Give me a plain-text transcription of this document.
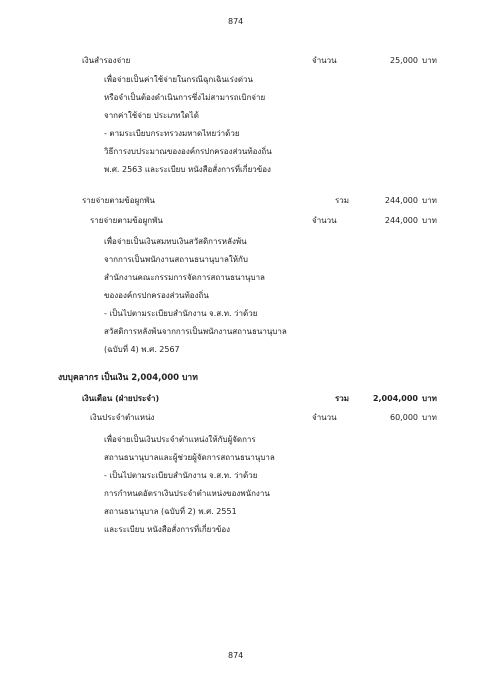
874
874
เงินสำรองจ่าย	จำนวน	25,000 บาท
เพื่อจ่ายเป็นค่าใช้จ่ายในกรณีฉุกเฉินเร่งด่วน
หรือจำเป็นต้องดำเนินการซึ่งไม่สามารถเบิกจ่าย
จากค่าใช้จ่าย ประเภทใดได้
- ตามระเบียบกระทรวงมหาดไทยว่าด้วย
วิธีการงบประมาณขององค์กรปกครองส่วนท้องถิ่น
พ.ศ. 2563 และระเบียบ หนังสือสั่งการที่เกี่ยวข้อง
รายจ่ายตามข้อผูกพัน	รวม	244,000 บาท
รายจ่ายตามข้อผูกพัน	จำนวน	244,000 บาท
เพื่อจ่ายเป็นเงินสมทบเงินสวัสดิการหลังพ้น
จากการเป็นพนักงานสถานธนานุบาลให้กับ
สำนักงานคณะกรรมการจัดการสถานธนานุบาล
ขององค์กรปกครองส่วนท้องถิ่น
- เป็นไปตามระเบียบสำนักงาน จ.ส.ท. ว่าด้วย
สวัสดิการหลังพ้นจากการเป็นพนักงานสถานธนานุบาล
(ฉบับที่ 4) พ.ศ. 2567
งบบุคลากร เป็นเงิน 2,004,000 บาท
เงินเดือน (ฝ่ายประจำ)	รวม	2,004,000 บาท
เงินประจำตำแหน่ง	จำนวน	60,000 บาท
เพื่อจ่ายเป็นเงินประจำตำแหน่งให้กับผู้จัดการ
สถานธนานุบาลและผู้ช่วยผู้จัดการสถานธนานุบาล
- เป็นไปตามระเบียบสำนักงาน จ.ส.ท. ว่าด้วย
การกำหนดอัตราเงินประจำตำแหน่งของพนักงาน
สถานธนานุบาล (ฉบับที่ 2) พ.ศ. 2551
และระเบียบ หนังสือสั่งการที่เกี่ยวข้อง
